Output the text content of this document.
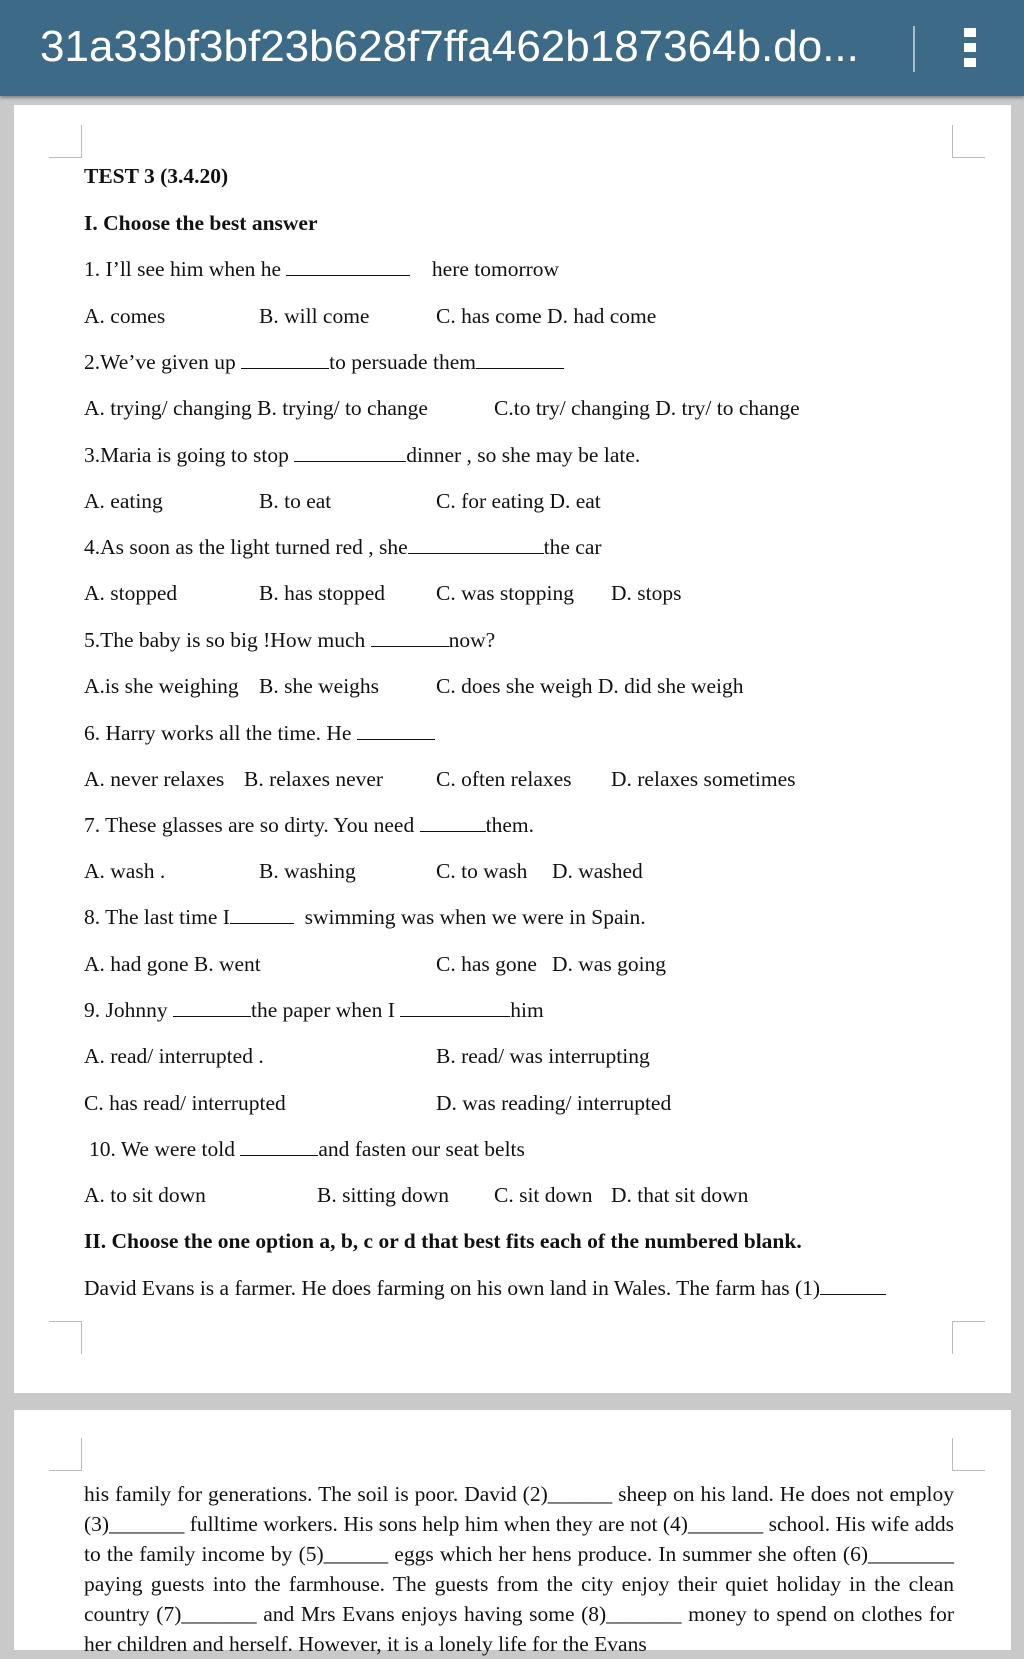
31a33bf3bf23b628f7ffa462b187364b.do...
TEST 3 (3.4.20)
I. Choose the best answer
1. I’ll see him when he	here tomorrow
A. comes	B. will come	C. has come D. had come
2.We’ve given up	to persuade them
A. trying/ changing B. trying/ to change	C.to try/ changing D. try/ to change
3.Maria is going to stop	dinner , so she may be late.
A. eating	B. to eat	C. for eating D. eat
4.As soon as the light turned red , she	the car
A. stopped	B. has stopped C. was stopping D. stops
5.The baby is so big !How much	now?
A.is she weighing B. she weighs	C. does she weigh D. did she weigh
6. Harry works all the time. He
A. never relaxes B. relaxes never C. often relaxes D. relaxes sometimes
7. These glasses are so dirty. You need	them.
A. wash .	B. washing	C. to wash D. washed
8. The last time I	swimming was when we were in Spain.
A. had gone B. went	C. has gone D. was going
9. Johnny	the paper when I	him
A. read/ interrupted .	B. read/ was interrupting
C. has read/ interrupted	D. was reading/ interrupted
10. We were told	and fasten our seat belts
A. to sit down	B. sitting down C. sit down D. that sit down
II. Choose the one option a, b, c or d that best fits each of the numbered blank.
David Evans is a farmer. He does farming on his own land in Wales. The farm has (1)
his family for generations. The soil is poor. David (2)______ sheep on his land. He does not employ (3)_______ fulltime workers. His sons help him when they are not (4)_______ school. His wife adds to the family income by (5)______ eggs which her hens produce. In summer she often (6)________ paying guests into the farmhouse. The guests from the city enjoy their quiet holiday in the clean country (7)_______ and Mrs Evans enjoys having some (8)_______ money to spend on clothes for her children and herself. However, it is a lonely life for the Evans
